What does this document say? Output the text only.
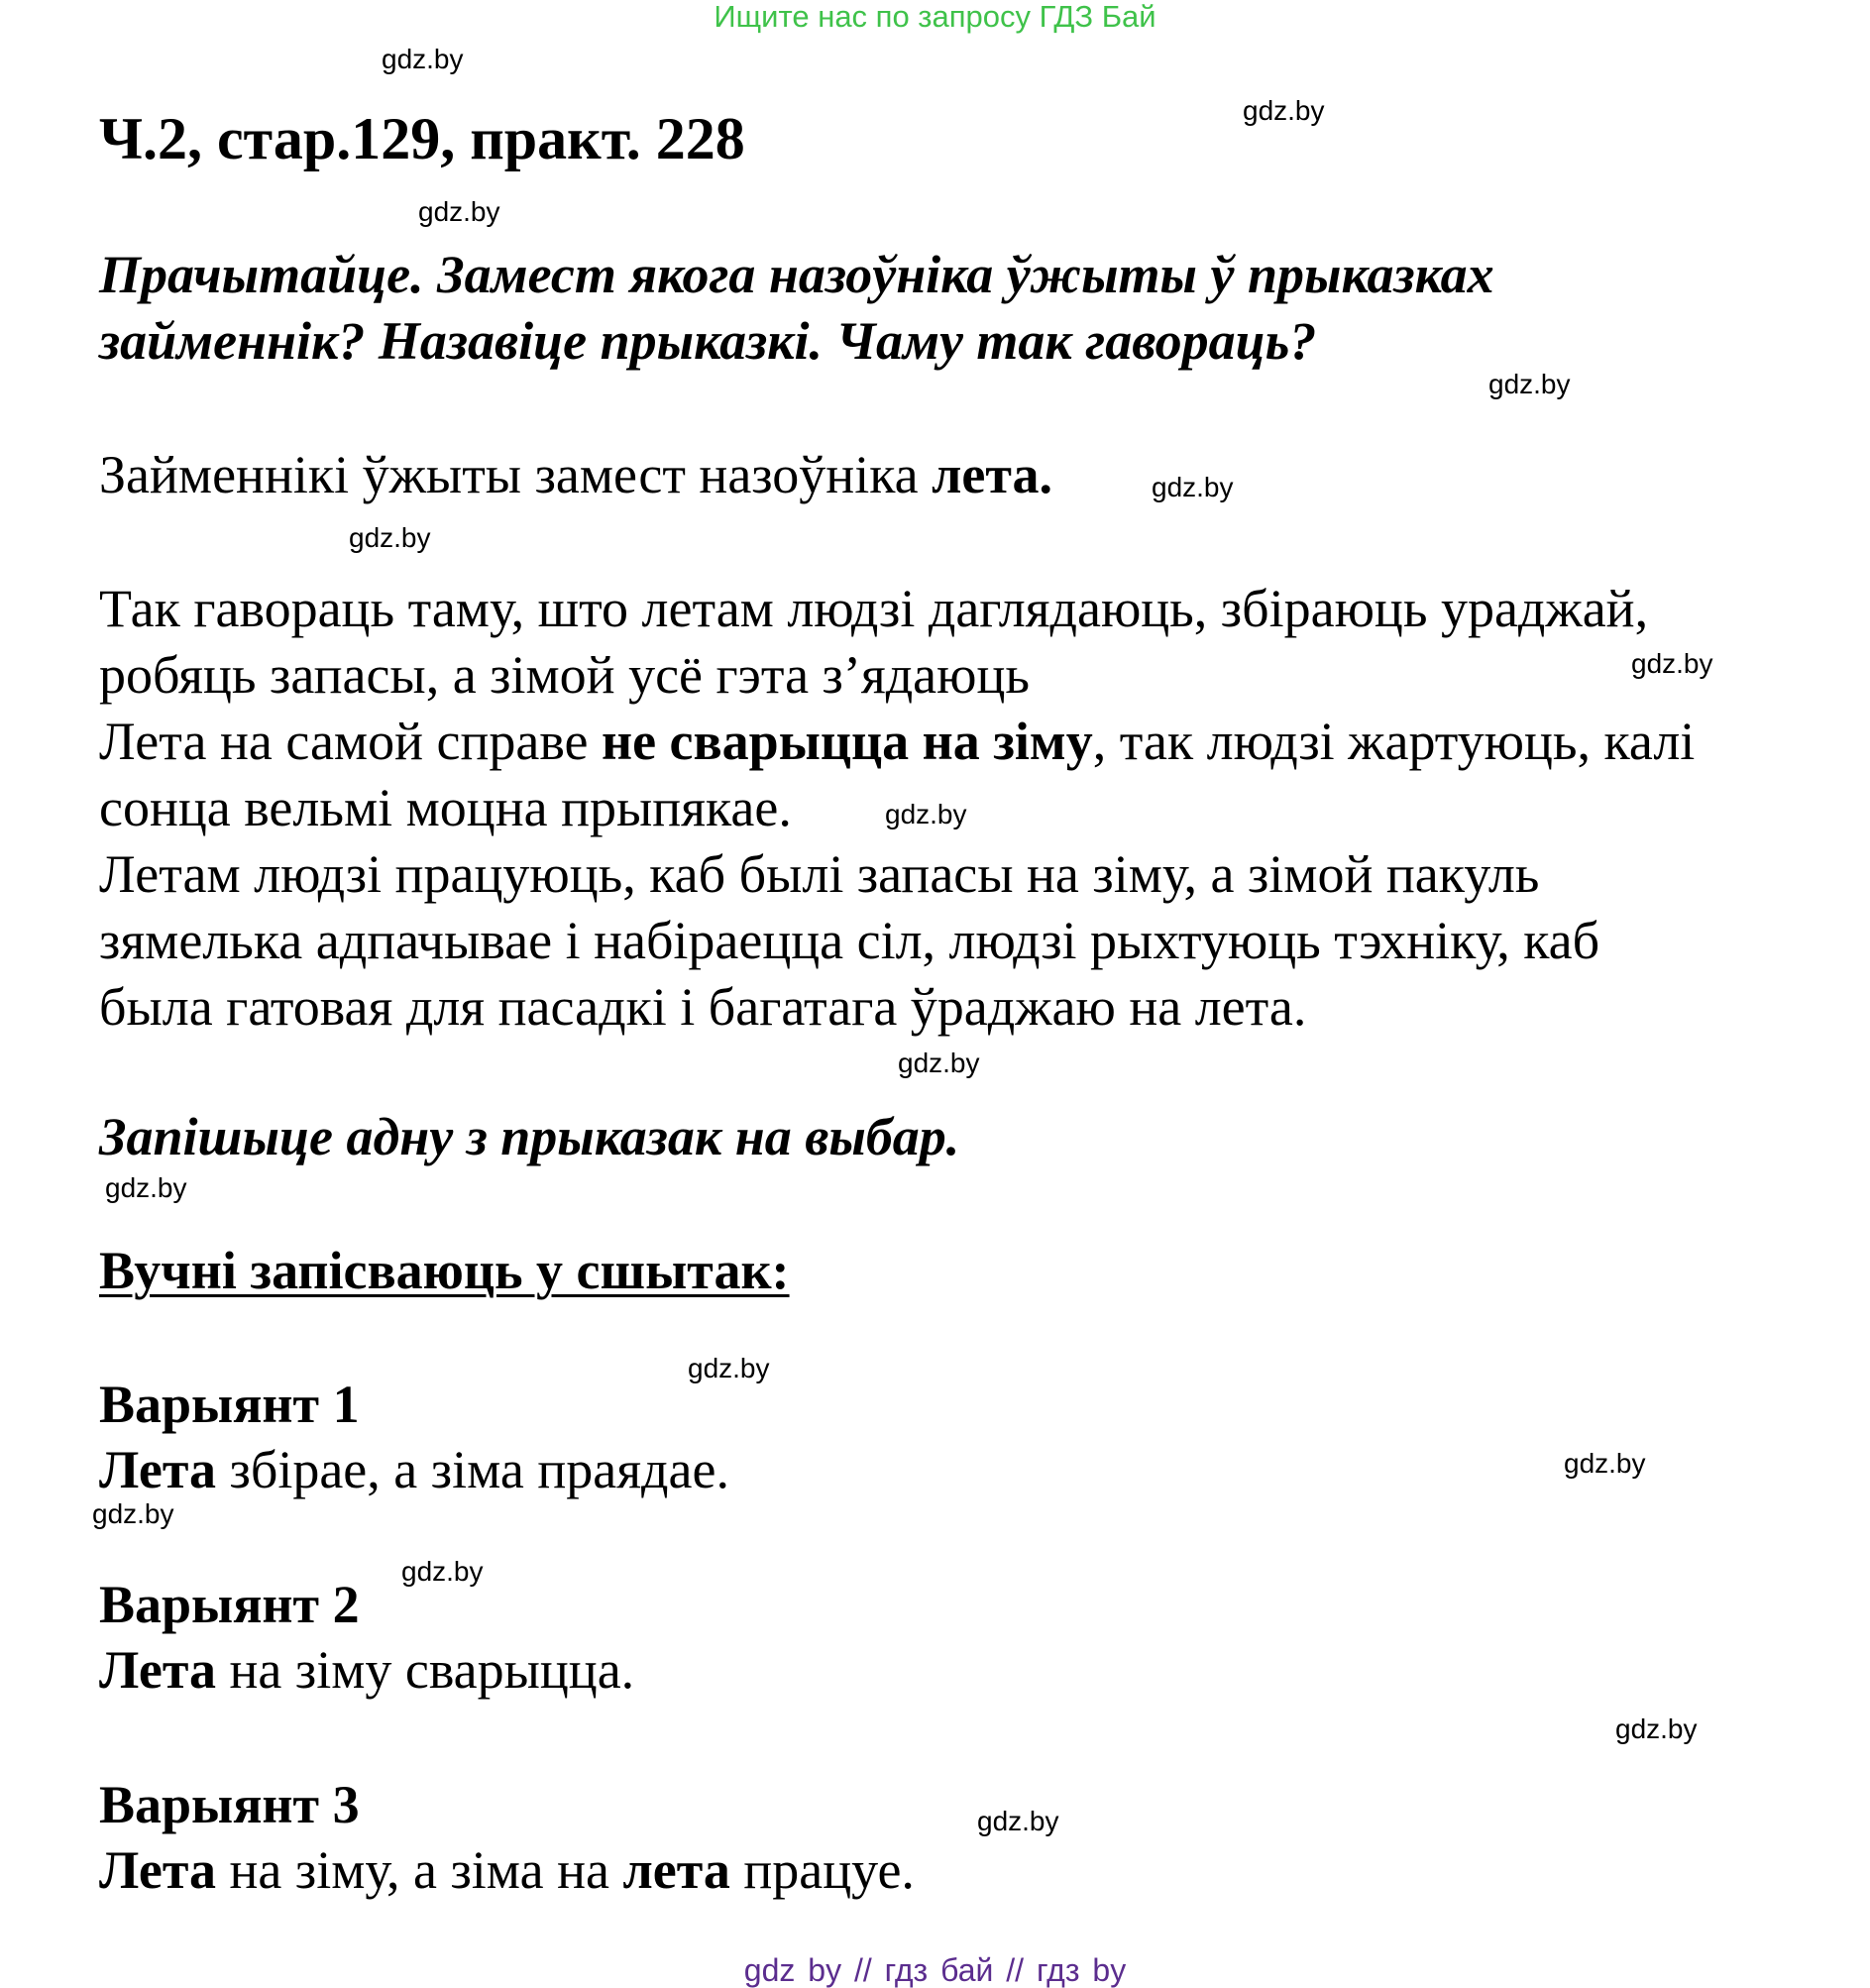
Ищите нас по запросу ГДЗ Бай
gdz.by
gdz.by
gdz.by
gdz.by
gdz.by
gdz.by
gdz.by
gdz.by
gdz.by
gdz.by
gdz.by
gdz.by
gdz.by
gdz.by
gdz.by
gdz.by
Ч.2, стар.129, практ. 228
Прачытайце. Замест якога назоўніка ўжыты ў прыказках
займеннік? Назавіце прыказкі. Чаму так гавораць?
Займеннікі ўжыты замест назоўніка лета.
Так гавораць таму, што летам людзі даглядаюць, збіраюць ураджай,
робяць запасы, а зімой усё гэта з’ядаюць
Лета на самой справе не сварыцца на зіму, так людзі жартуюць, калі
сонца вельмі моцна прыпякае.
Летам людзі працуюць, каб былі запасы на зіму, а зімой пакуль
зямелька адпачывае і набіраецца сіл, людзі рыхтуюць тэхніку, каб
была гатовая для пасадкі і багатага ўраджаю на лета.
Запішыце адну з прыказак на выбар.
Вучні запісваюць у сшытак:
Варыянт 1
Лета збірае, а зіма праядае.
Варыянт 2
Лета на зіму сварыцца.
Варыянт 3
Лета на зіму, а зіма на лета працуе.
gdz by // гдз бай // гдз by
